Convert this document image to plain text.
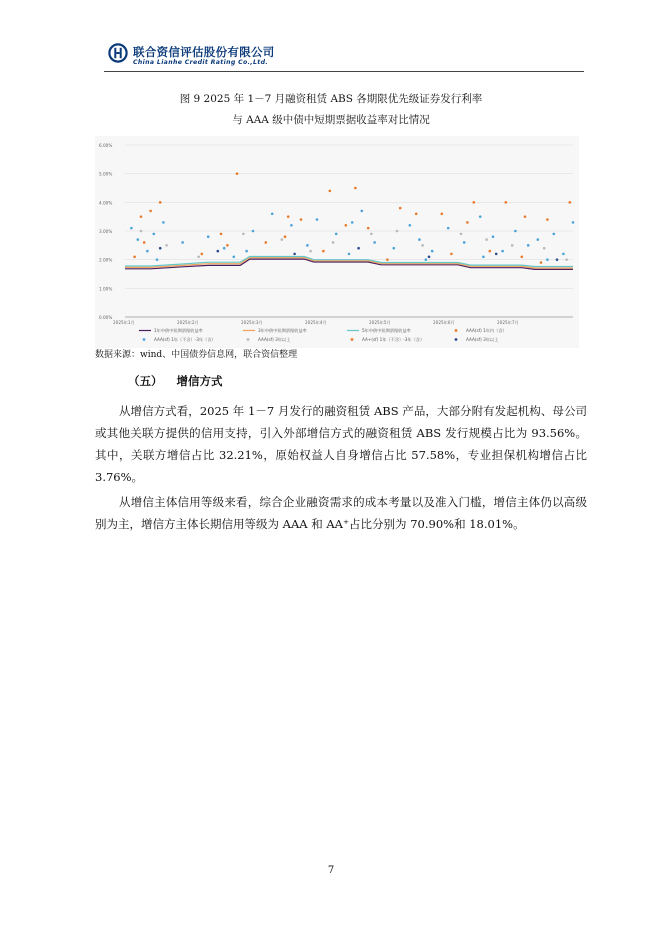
联合资信评估股份有限公司
China Lianhe Credit Rating Co.,Ltd.
图 9 2025 年 1－7 月融资租赁 ABS 各期限优先级证券发行利率
与 AAA 级中债中短期票据收益率对比情况
0.00%
1.00%
2.00%
3.00%
4.00%
5.00%
6.00%
2025年1月	2025年2月	2025年3月	2025年4月	2025年5月	2025年6月	2025年7月
1年中债中短期票据收益率	3年中债中短期票据收益率	5年中债中短期票据收益率	AAA(sf) 1年内（含）
AAA(sf) 1年（不含）-3年（含）	AAA(sf) 3年以上	AA+(sf) 1年（不含）-3年（含）	AAA(sf) 3年以上
数据来源：wind、中国债券信息网，联合资信整理
（五） 增信方式

从增信方式看，2025 年 1－7 月发行的融资租赁 ABS 产品，大部分附有发起机构、母公司或其他关联方提供的信用支持，引入外部增信方式的融资租赁 ABS 发行规模占比为 93.56%。其中，关联方增信占比 32.21%，原始权益人自身增信占比 57.58%，专业担保机构增信占比 3.76%。

从增信主体信用等级来看，综合企业融资需求的成本考量以及准入门槛，增信主体仍以高级别为主，增信方主体长期信用等级为 AAA 和 AA⁺占比分别为 70.90%和 18.01%。

7
